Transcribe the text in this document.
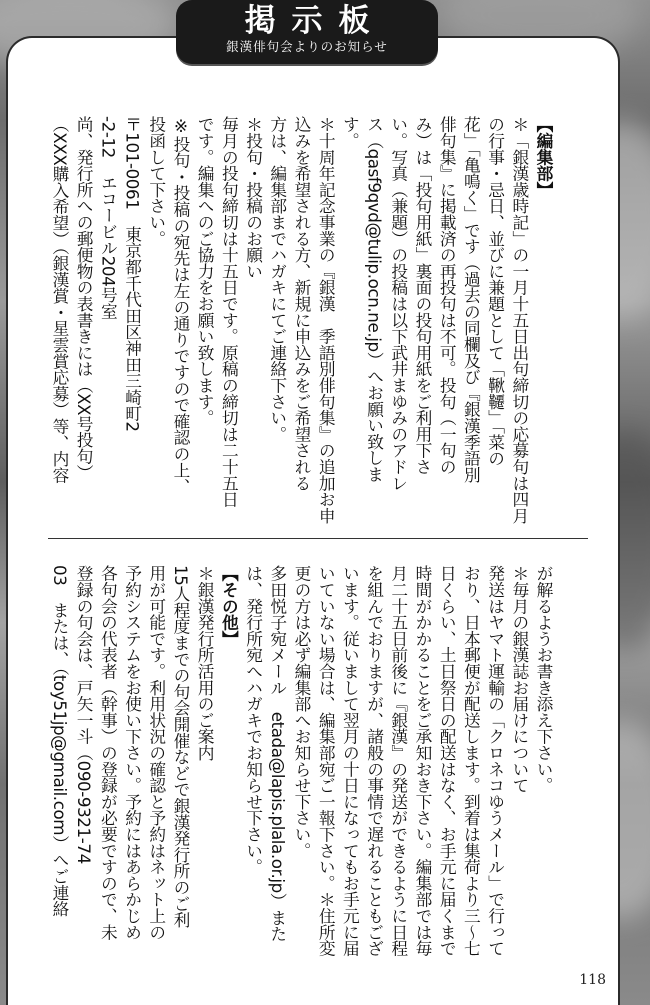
【編集部】

＊「銀漢歳時記」の一月十五日出句締切の応募句は四月

の行事・忌日、並びに兼題として「鞦韆」「菜の

花」「亀鳴く」です（過去の同欄及び『銀漢季語別

俳句集』に掲載済の再投句は不可。投句（一句の

み）は「投句用紙」裏面の投句用紙をご利用下さ

い。写真（兼題）の投稿は以下武井まゆみのアドレ

ス（qasf9qvd@tulip.ocn.ne.jp）へお願い致しま

す。

＊十周年記念事業の『銀漢　季語別俳句集』の追加お申

込みを希望される方、新規に申込みをご希望される

方は、編集部までハガキにてご連絡下さい。

＊投句・投稿のお願い

毎月の投句締切は十五日です。原稿の締切は二十五日

です。編集へのご協力をお願い致します。

※投句・投稿の宛先は左の通りですので確認の上、

投函して下さい。

〒101-0061　東京都千代田区神田三崎町2

-2-12　エコービル204号室

尚、発行所への郵便物の表書きには（XX号投句）

（XXX購入希望）（銀漢賞・星雲賞応募）等、内容

が解るようお書き添え下さい。

＊毎月の銀漢誌お届けについて

発送はヤマト運輸の「クロネコゆうメール」で行って

おり、日本郵便が配送します。到着は集荷より三～七

日くらい、土日祭日の配送はなく、お手元に届くまで

時間がかかることをご承知おき下さい。編集部では毎

月二十五日前後に『銀漢』の発送ができるように日程

を組んでおりますが、諸般の事情で遅れることもござ

います。従いまして翌月の十日になってもお手元に届

いていない場合は、編集部宛ご一報下さい。＊住所変

更の方は必ず編集部へお知らせ下さい。

多田悦子宛メール　etada@lapis.plala.or.jp）また

は、発行所宛へハガキでお知らせ下さい。

【その他】

＊銀漢発行所活用のご案内

15人程度までの句会開催などで銀漢発行所のご利

用が可能です。利用状況の確認と予約はネット上の

予約システムをお使い下さい。予約にはあらかじめ

各句会の代表者（幹事）の登録が必要ですので、未

登録の句会は、戸矢一斗（090-9321-74

03　または、（toy51jp@gmail.com）へご連絡

掲示板
銀漢俳句会よりのお知らせ
118
